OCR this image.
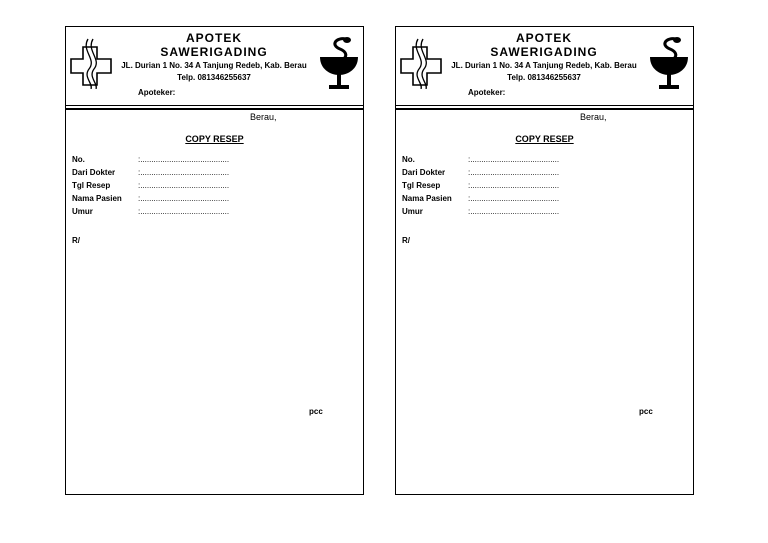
APOTEK
SAWERIGADING
JL. Durian 1 No. 34 A Tanjung Redeb, Kab. Berau
Telp. 081346255637
Apoteker:
Berau,
COPY RESEP
No.	:........................................
Dari Dokter	:........................................
Tgl Resep	:........................................
Nama Pasien :........................................
Umur	:........................................
R/
pcc
APOTEK
SAWERIGADING
JL. Durian 1 No. 34 A Tanjung Redeb, Kab. Berau
Telp. 081346255637
Apoteker:
Berau,
COPY RESEP
No.	:........................................
Dari Dokter	:........................................
Tgl Resep	:........................................
Nama Pasien :........................................
Umur	:........................................
R/
pcc
